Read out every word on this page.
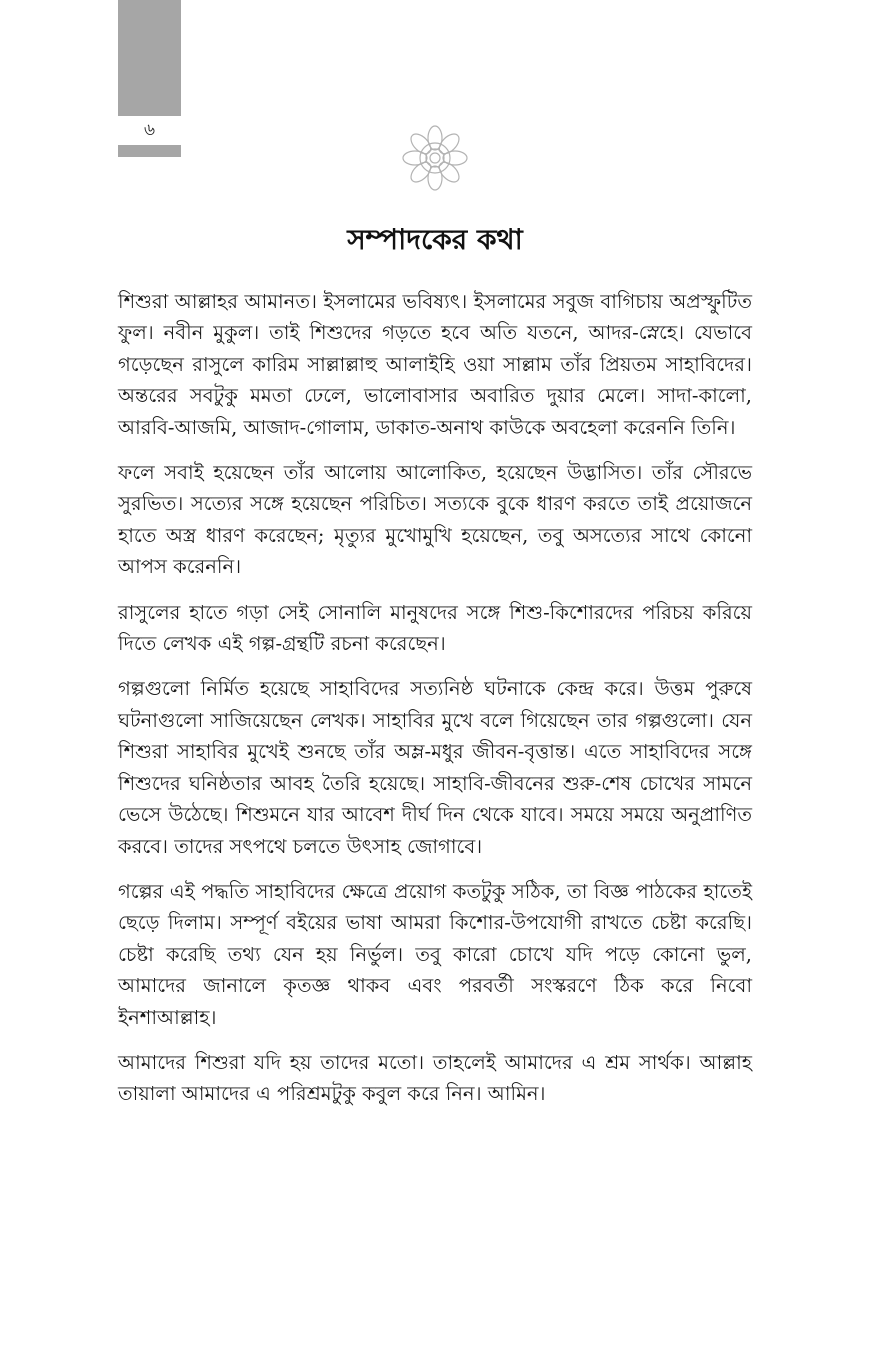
৬
সম্পাদকের কথা

শিশুরা আল্লাহর আমানত। ইসলামের ভবিষ্যৎ। ইসলামের সবুজ বাগিচায় অপ্রস্ফুটিত ফুল। নবীন মুকুল। তাই শিশুদের গড়তে হবে অতি যতনে, আদর-স্নেহে। যেভাবে গড়েছেন রাসুলে কারিম সাল্লাল্লাহু আলাইহি ওয়া সাল্লাম তাঁর প্রিয়তম সাহাবিদের। অন্তরের সবটুকু মমতা ঢেলে, ভালোবাসার অবারিত দুয়ার মেলে। সাদা-কালো, আরবি-আজমি, আজাদ-গোলাম, ডাকাত-অনাথ কাউকে অবহেলা করেননি তিনি।

ফলে সবাই হয়েছেন তাঁর আলোয় আলোকিত, হয়েছেন উদ্ভাসিত। তাঁর সৌরভে সুরভিত। সত্যের সঙ্গে হয়েছেন পরিচিত। সত্যকে বুকে ধারণ করতে তাই প্রয়োজনে হাতে অস্ত্র ধারণ করেছেন; মৃত্যুর মুখোমুখি হয়েছেন, তবু অসত্যের সাথে কোনো আপস করেননি।

রাসুলের হাতে গড়া সেই সোনালি মানুষদের সঙ্গে শিশু-কিশোরদের পরিচয় করিয়ে দিতে লেখক এই গল্প-গ্রন্থটি রচনা করেছেন।

গল্পগুলো নির্মিত হয়েছে সাহাবিদের সত্যনিষ্ঠ ঘটনাকে কেন্দ্র করে। উত্তম পুরুষে ঘটনাগুলো সাজিয়েছেন লেখক। সাহাবির মুখে বলে গিয়েছেন তার গল্পগুলো। যেন শিশুরা সাহাবির মুখেই শুনছে তাঁর অম্ল-মধুর জীবন-বৃত্তান্ত। এতে সাহাবিদের সঙ্গে শিশুদের ঘনিষ্ঠতার আবহ তৈরি হয়েছে। সাহাবি-জীবনের শুরু-শেষ চোখের সামনে ভেসে উঠেছে। শিশুমনে যার আবেশ দীর্ঘ দিন থেকে যাবে। সময়ে সময়ে অনুপ্রাণিত করবে। তাদের সৎপথে চলতে উৎসাহ জোগাবে।

গল্পের এই পদ্ধতি সাহাবিদের ক্ষেত্রে প্রয়োগ কতটুকু সঠিক, তা বিজ্ঞ পাঠকের হাতেই ছেড়ে দিলাম। সম্পূর্ণ বইয়ের ভাষা আমরা কিশোর-উপযোগী রাখতে চেষ্টা করেছি। চেষ্টা করেছি তথ্য যেন হয় নির্ভুল। তবু কারো চোখে যদি পড়ে কোনো ভুল, আমাদের জানালে কৃতজ্ঞ থাকব এবং পরবর্তী সংস্করণে ঠিক করে নিবো ইনশাআল্লাহ।

আমাদের শিশুরা যদি হয় তাদের মতো। তাহলেই আমাদের এ শ্রম সার্থক। আল্লাহ তায়ালা আমাদের এ পরিশ্রমটুকু কবুল করে নিন। আমিন।
